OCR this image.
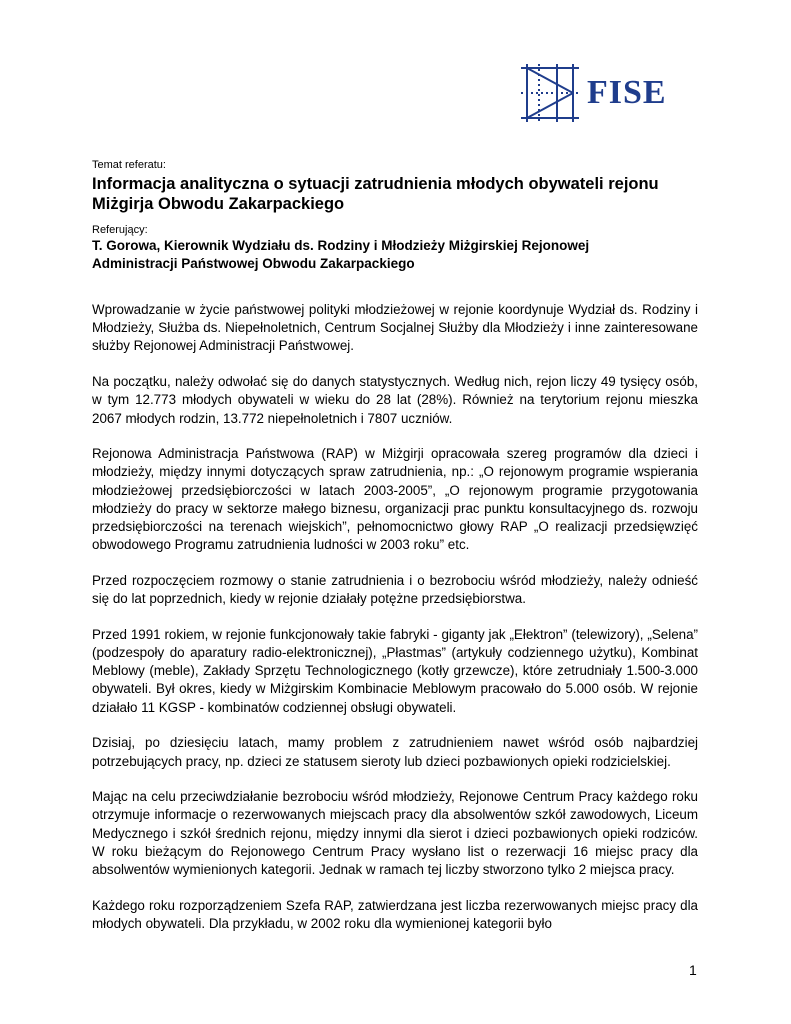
FISE
Temat referatu:
Informacja analityczna o sytuacji zatrudnienia młodych obywateli rejonu
Miżgirja Obwodu Zakarpackiego
Referujący:
T. Gorowa, Kierownik Wydziału ds. Rodziny i Młodzieży Miżgirskiej Rejonowej
Administracji Państwowej Obwodu Zakarpackiego

Wprowadzanie w życie państwowej polityki młodzieżowej w rejonie koordynuje Wydział ds. Rodziny i Młodzieży, Służba ds. Niepełnoletnich, Centrum Socjalnej Służby dla Młodzieży i inne zainteresowane służby Rejonowej Administracji Państwowej.

Na początku, należy odwołać się do danych statystycznych. Według nich, rejon liczy 49 tysięcy osób, w tym 12.773 młodych obywateli w wieku do 28 lat (28%). Również na terytorium rejonu mieszka 2067 młodych rodzin, 13.772 niepełnoletnich i 7807 uczniów.

Rejonowa Administracja Państwowa (RAP) w Miżgirji opracowała szereg programów dla dzieci i młodzieży, między innymi dotyczących spraw zatrudnienia, np.: „O rejonowym programie wspierania młodzieżowej przedsiębiorczości w latach 2003-2005”, „O rejonowym programie przygotowania młodzieży do pracy w sektorze małego biznesu, organizacji prac punktu konsultacyjnego ds. rozwoju przedsiębiorczości na terenach wiejskich”, pełnomocnictwo głowy RAP „O realizacji przedsięwzięć obwodowego Programu zatrudnienia ludności w 2003 roku” etc.

Przed rozpoczęciem rozmowy o stanie zatrudnienia i o bezrobociu wśród młodzieży, należy odnieść się do lat poprzednich, kiedy w rejonie działały potężne przedsiębiorstwa.

Przed 1991 rokiem, w rejonie funkcjonowały takie fabryki - giganty jak „Ełektron” (telewizory), „Selena” (podzespoły do aparatury radio-elektronicznej), „Płastmas” (artykuły codziennego użytku), Kombinat Meblowy (meble), Zakłady Sprzętu Technologicznego (kotły grzewcze), które zetrudniały 1.500-3.000 obywateli. Był okres, kiedy w Miżgirskim Kombinacie Meblowym pracowało do 5.000 osób. W rejonie działało 11 KGSP - kombinatów codziennej obsługi obywateli.

Dzisiaj, po dziesięciu latach, mamy problem z zatrudnieniem nawet wśród osób najbardziej potrzebujących pracy, np. dzieci ze statusem sieroty lub dzieci pozbawionych opieki rodzicielskiej.

Mając na celu przeciwdziałanie bezrobociu wśród młodzieży, Rejonowe Centrum Pracy każdego roku otrzymuje informacje o rezerwowanych miejscach pracy dla absolwentów szkół zawodowych, Liceum Medycznego i szkół średnich rejonu, między innymi dla sierot i dzieci pozbawionych opieki rodziców. W roku bieżącym do Rejonowego Centrum Pracy wysłano list o rezerwacji 16 miejsc pracy dla absolwentów wymienionych kategorii. Jednak w ramach tej liczby stworzono tylko 2 miejsca pracy.

Każdego roku rozporządzeniem Szefa RAP, zatwierdzana jest liczba rezerwowanych miejsc pracy dla młodych obywateli. Dla przykładu, w 2002 roku dla wymienionej kategorii było

1
